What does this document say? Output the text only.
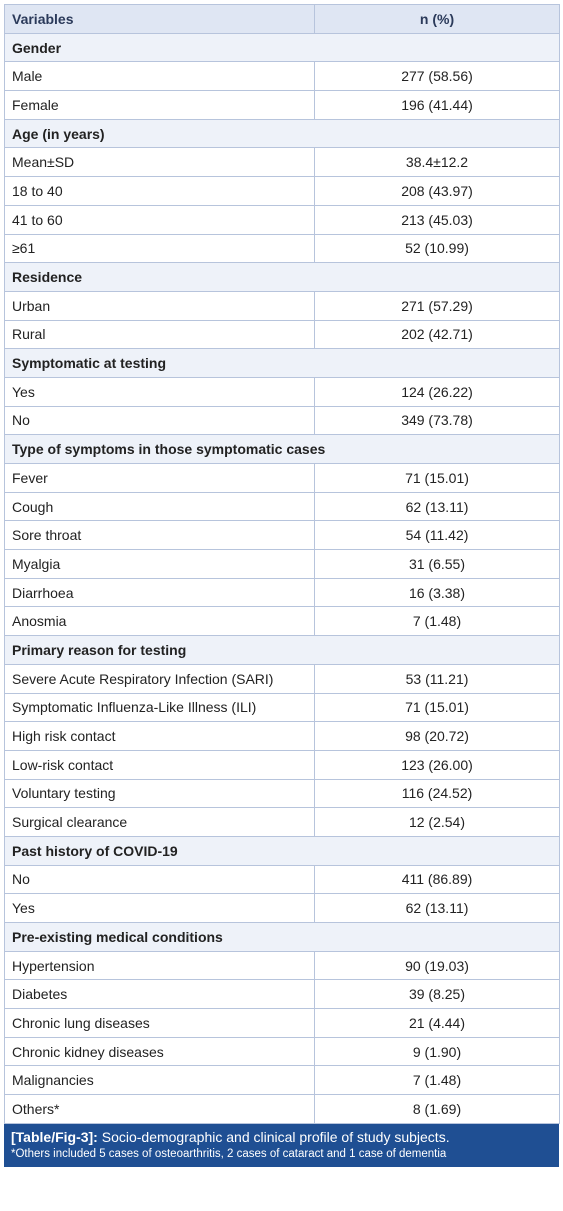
Variables	n (%)
Gender	
Male	277 (58.56)
Female	196 (41.44)
Age (in years)	
Mean±SD	38.4±12.2
18 to 40	208 (43.97)
41 to 60	213 (45.03)
≥61	52 (10.99)
Residence	
Urban	271 (57.29)
Rural	202 (42.71)
Symptomatic at testing	
Yes	124 (26.22)
No	349 (73.78)
Type of symptoms in those symptomatic cases	
Fever	71 (15.01)
Cough	62 (13.11)
Sore throat	54 (11.42)
Myalgia	31 (6.55)
Diarrhoea	16 (3.38)
Anosmia	7 (1.48)
Primary reason for testing	
Severe Acute Respiratory Infection (SARI)	53 (11.21)
Symptomatic Influenza-Like Illness (ILI)	71 (15.01)
High risk contact	98 (20.72)
Low-risk contact	123 (26.00)
Voluntary testing	116 (24.52)
Surgical clearance	12 (2.54)
Past history of COVID-19	
No	411 (86.89)
Yes	62 (13.11)
Pre-existing medical conditions	
Hypertension	90 (19.03)
Diabetes	39 (8.25)
Chronic lung diseases	21 (4.44)
Chronic kidney diseases	9 (1.90)
Malignancies	7 (1.48)
Others*	8 (1.69)
[Table/Fig-3]: Socio-demographic and clinical profile of study subjects.
*Others included 5 cases of osteoarthritis, 2 cases of cataract and 1 case of dementia
